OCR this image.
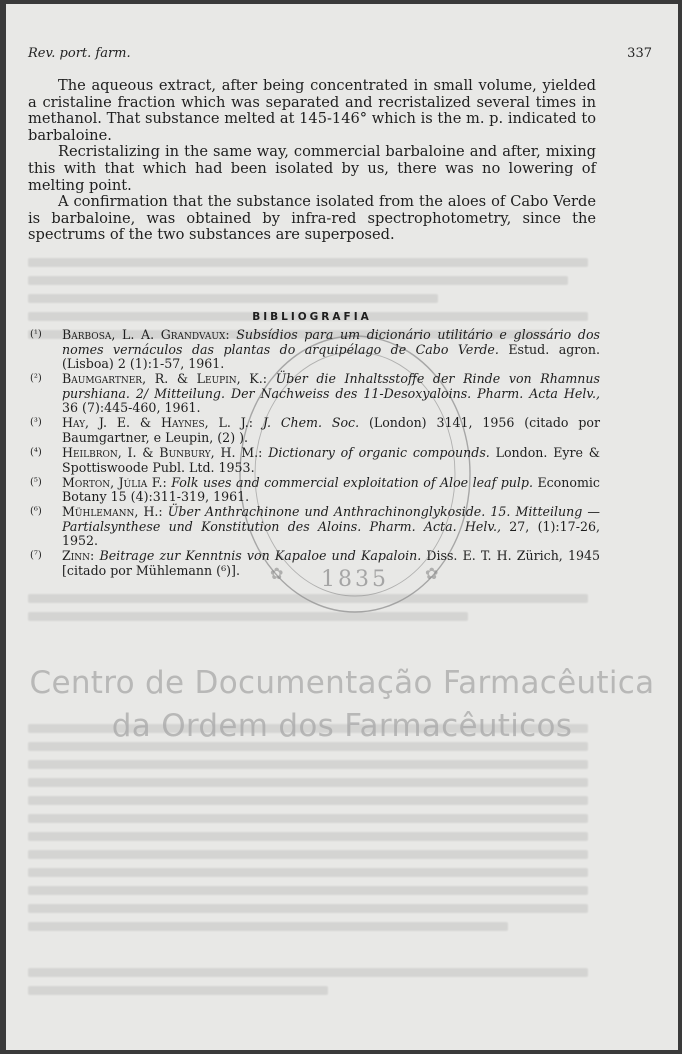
Rev. port. farm.	337

The aqueous extract, after being concentrated in small volume, yielded a cristaline fraction which was separated and recristalized several times in methanol. That substance melted at 145-146° which is the m. p. indicated to barbaloine.

Recristalizing in the same way, commercial barbaloine and after, mixing this with that which had been isolated by us, there was no lowering of melting point.

A confirmation that the substance isolated from the aloes of Cabo Verde is barbaloine, was obtained by infra-red spectrophotometry, since the spectrums of the two substances are superposed.

BIBLIOGRAFIA
1835
✿	✿
(¹) Barbosa, L. A. Grandvaux: Subsídios para um dicionário utilitário e glossário dos nomes vernáculos das plantas do arquipélago de Cabo Verde. Estud. agron. (Lisboa) 2 (1):1-57, 1961.
(²) Baumgartner, R. & Leupin, K.: Über die Inhaltsstoffe der Rinde von Rhamnus purshiana. 2/ Mitteilung. Der Nachweiss des 11-Desoxyaloins. Pharm. Acta Helv., 36 (7):445-460, 1961.
(³) Hay, J. E. & Haynes, L. J.: J. Chem. Soc. (London) 3141, 1956 (citado por Baumgartner, e Leupin, (2) ).
(⁴) Heilbron, I. & Bunbury, H. M.: Dictionary of organic compounds. London. Eyre & Spottiswoode Publ. Ltd. 1953.
(⁵) Morton, Júlia F.: Folk uses and commercial exploitation of Aloe leaf pulp. Economic Botany 15 (4):311-319, 1961.
(⁶) Mühlemann, H.: Über Anthrachinone und Anthrachinonglykoside. 15. Mitteilung — Partialsynthese und Konstitution des Aloins. Pharm. Acta. Helv., 27, (1):17-26, 1952.
(⁷) Zinn: Beitrage zur Kenntnis von Kapaloe und Kapaloin. Diss. E. T. H. Zürich, 1945 [citado por Mühlemann (⁶)].
Centro de Documentação Farmacêutica
da Ordem dos Farmacêuticos
